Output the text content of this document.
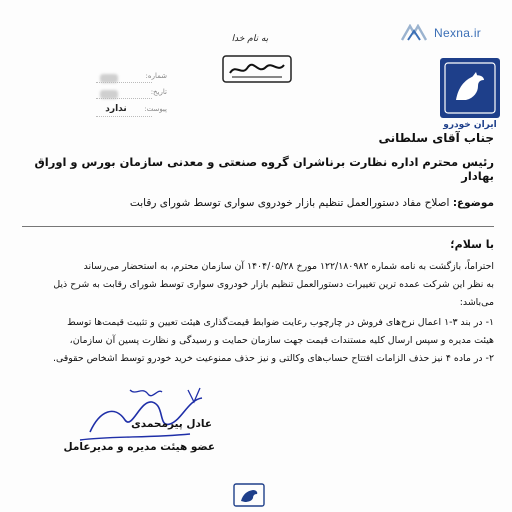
Nexna.ir
ایران خودرو
به نام خدا
شماره:
تاریخ:
پیوست:
ندارد
جناب آقای سلطانی
رئیس محترم اداره نظارت برناشران گروه صنعتی و معدنی سازمان بورس و اوراق بهادار
موضوع: اصلاح مفاد دستورالعمل تنظیم بازار خودروی سواری توسط شورای رقابت
با سلام؛
احتراماً، بازگشت به نامه شماره ۱۲۲/۱۸۰۹۸۲ مورخ ۱۴۰۴/۰۵/۲۸ آن سازمان محترم، به استحضار می‌رساند
به نظر این شرکت عمده ترین تغییرات دستورالعمل تنظیم بازار خودروی سواری توسط شورای رقابت به شرح ذیل
می‌باشد:
۱- در بند ۳-۱ اعمال نرخ‌های فروش در چارچوب رعایت ضوابط قیمت‌گذاری هیئت تعیین و تثبیت قیمت‌ها توسط
هیئت مدیره و سپس ارسال کلیه مستندات قیمت جهت سازمان حمایت و رسیدگی و نظارت پسین آن سازمان،
۲- در ماده ۴ نیز حذف الزامات افتتاح حساب‌های وکالتی و نیز حذف ممنوعیت خرید خودرو توسط اشخاص حقوقی.
عادل پیرمحمدی
عضو هیئت مدیره و مدیرعامل
